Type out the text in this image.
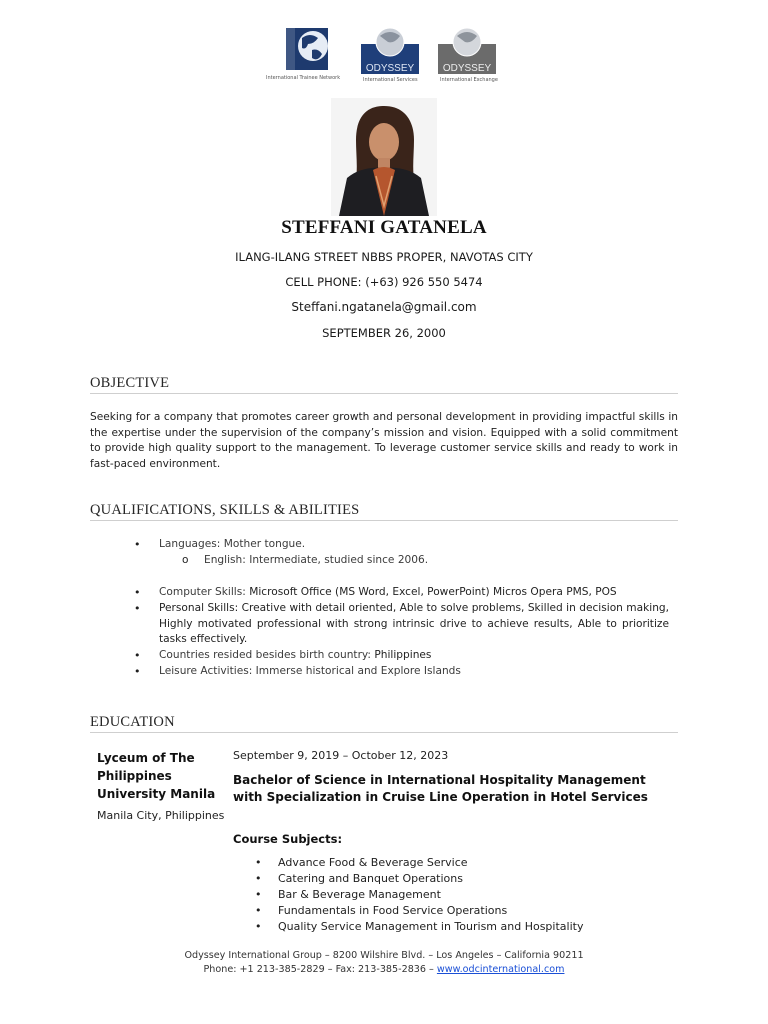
International Trainee Network
ODYSSEY
International Services
ODYSSEY
International Exchange
STEFFANI GATANELA
ILANG-ILANG STREET NBBS PROPER, NAVOTAS CITY
CELL PHONE: (+63) 926 550 5474
Steffani.ngatanela@gmail.com
SEPTEMBER 26, 2000
OBJECTIVE
Seeking for a company that promotes career growth and personal development in providing impactful skills in the expertise under the supervision of the company’s mission and vision. Equipped with a solid commitment to provide high quality support to the management. To leverage customer service skills and ready to work in fast-paced environment.
QUALIFICATIONS, SKILLS & ABILITIES
• Languages: Mother tongue.
o English: Intermediate, studied since 2006.
• Computer Skills: Microsoft Office (MS Word, Excel, PowerPoint) Micros Opera PMS, POS
• Personal Skills: Creative with detail oriented, Able to solve problems, Skilled in decision making, Highly motivated professional with strong intrinsic drive to achieve results, Able to prioritize tasks effectively.
• Countries resided besides birth country: Philippines
• Leisure Activities: Immerse historical and Explore Islands
EDUCATION
Lyceum of The Philippines University Manila
Manila City, Philippines
September 9, 2019 – October 12, 2023
Bachelor of Science in International Hospitality Management with Specialization in Cruise Line Operation in Hotel Services
Course Subjects:
• Advance Food & Beverage Service
• Catering and Banquet Operations
• Bar & Beverage Management
• Fundamentals in Food Service Operations
• Quality Service Management in Tourism and Hospitality
Odyssey International Group – 8200 Wilshire Blvd. – Los Angeles – California 90211
Phone: +1 213-385-2829 – Fax: 213-385-2836 – www.odcinternational.com
